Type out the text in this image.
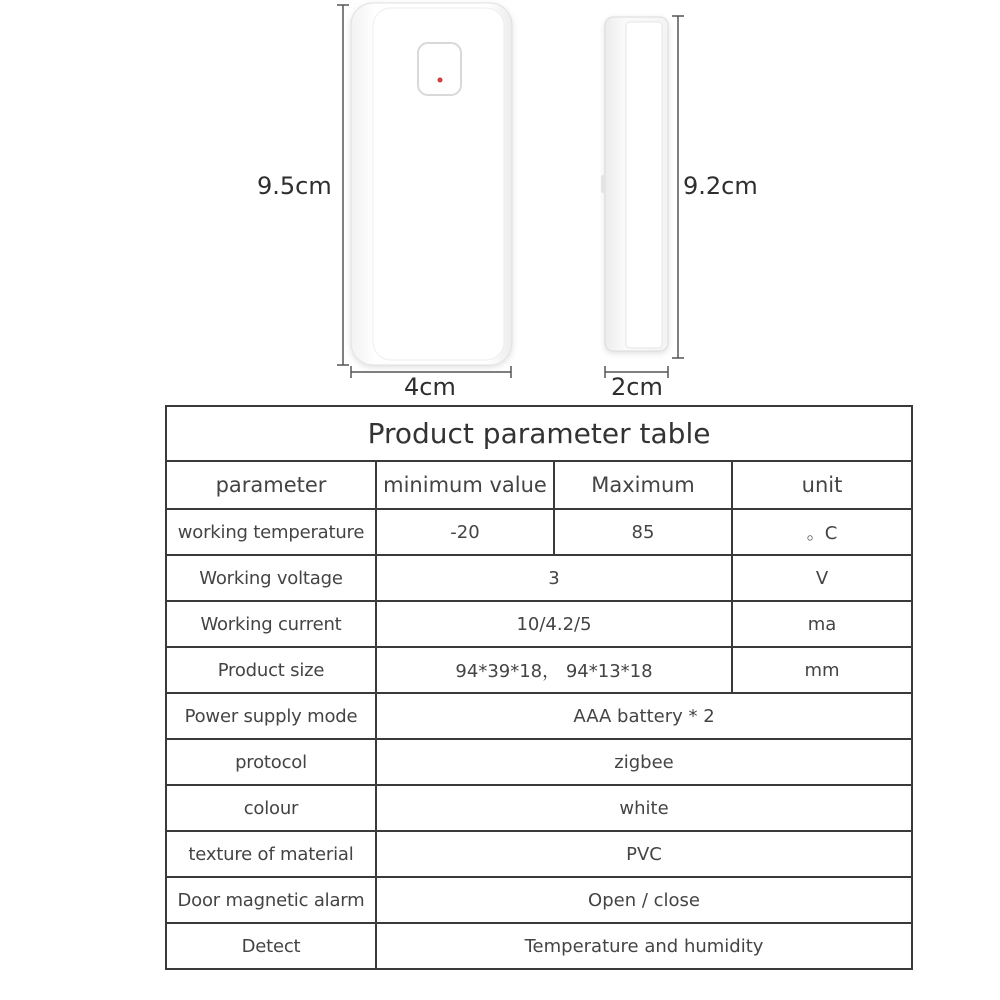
9.5cm
4cm
9.2cm
2cm
Product parameter table			
parameter	minimum value	Maximum	unit
working temperature	-20	85	。C
Working voltage	3		V
Working current	10/4.2/5		ma
Product size	94*39*18， 94*13*18		mm
Power supply mode	AAA battery * 2		
protocol	zigbee		
colour	white		
texture of material	PVC		
Door magnetic alarm	Open / close		
Detect	Temperature and humidity		
